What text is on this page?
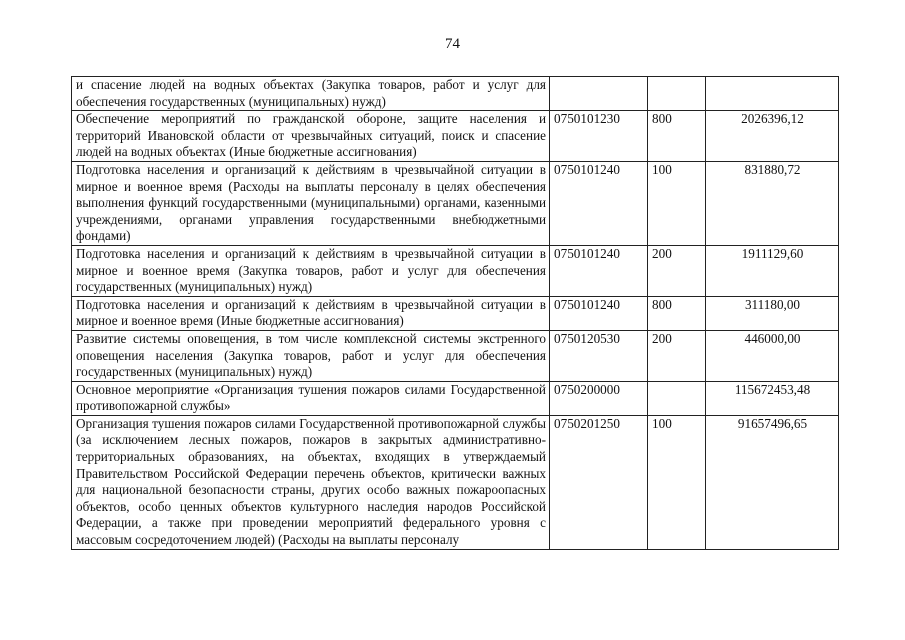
74
и спасение людей на водных объектах (Закупка товаров, работ и услуг для обеспечения государственных (муниципальных) нужд)			
Обеспечение мероприятий по гражданской обороне, защите населения и территорий Ивановской области от чрезвычайных ситуаций, поиск и спасение людей на водных объектах (Иные бюджетные ассигнования)	0750101230	800	2026396,12
Подготовка населения и организаций к действиям в чрезвычайной ситуации в мирное и военное время (Расходы на выплаты персоналу в целях обеспечения выполнения функций государственными (муниципальными) органами, казенными учреждениями, органами управления государственными внебюджетными фондами)	0750101240	100	831880,72
Подготовка населения и организаций к действиям в чрезвычайной ситуации в мирное и военное время (Закупка товаров, работ и услуг для обеспечения государственных (муниципальных) нужд)	0750101240	200	1911129,60
Подготовка населения и организаций к действиям в чрезвычайной ситуации в мирное и военное время (Иные бюджетные ассигнования)	0750101240	800	311180,00
Развитие системы оповещения, в том числе комплексной системы экстренного оповещения населения (Закупка товаров, работ и услуг для обеспечения государственных (муниципальных) нужд)	0750120530	200	446000,00
Основное мероприятие «Организация тушения пожаров силами Государственной противопожарной службы»	0750200000		115672453,48
Организация тушения пожаров силами Государственной противопожарной службы (за исключением лесных пожаров, пожаров в закрытых административно-территориальных образованиях, на объектах, входящих в утверждаемый Правительством Российской Федерации перечень объектов, критически важных для национальной безопасности страны, других особо важных пожароопасных объектов, особо ценных объектов культурного наследия народов Российской Федерации, а также при проведении мероприятий федерального уровня с массовым сосредоточением людей) (Расходы на выплаты персоналу	0750201250	100	91657496,65
